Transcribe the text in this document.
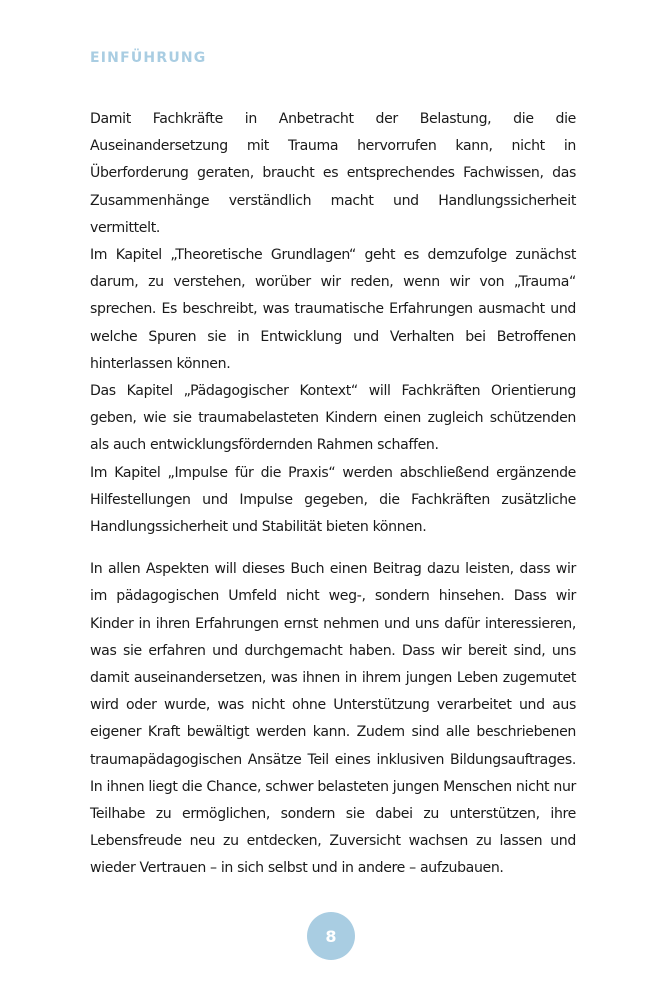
EINFÜHRUNG

Damit Fachkräfte in Anbetracht der Belastung, die die Auseinandersetzung mit Trauma hervorrufen kann, nicht in Überforderung geraten, braucht es entsprechendes Fachwissen, das Zusammenhänge verständlich macht und Handlungssicherheit vermittelt.

Im Kapitel „Theoretische Grundlagen“ geht es demzufolge zunächst darum, zu verstehen, worüber wir reden, wenn wir von „Trauma“ sprechen. Es beschreibt, was traumatische Erfahrungen ausmacht und welche Spuren sie in Entwicklung und Verhalten bei Betroffenen hinterlassen können.

Das Kapitel „Pädagogischer Kontext“ will Fachkräften Orientierung geben, wie sie traumabelasteten Kindern einen zugleich schützenden als auch entwicklungsfördernden Rahmen schaffen.

Im Kapitel „Impulse für die Praxis“ werden abschließend ergänzende Hilfestellungen und Impulse gegeben, die Fachkräften zusätzliche Handlungssicherheit und Stabilität bieten können.

In allen Aspekten will dieses Buch einen Beitrag dazu leisten, dass wir im pädagogischen Umfeld nicht weg-, sondern hinsehen. Dass wir Kinder in ihren Erfahrungen ernst nehmen und uns dafür interessieren, was sie erfahren und durchgemacht haben. Dass wir bereit sind, uns damit auseinandersetzen, was ihnen in ihrem jungen Leben zugemutet wird oder wurde, was nicht ohne Unterstützung verarbeitet und aus eigener Kraft bewältigt werden kann. Zudem sind alle beschriebenen traumapädagogischen Ansätze Teil eines inklusiven Bildungsauftrages. In ihnen liegt die Chance, schwer belasteten jungen Menschen nicht nur Teilhabe zu ermöglichen, sondern sie dabei zu unterstützen, ihre Lebensfreude neu zu entdecken, Zuversicht wachsen zu lassen und wieder Vertrauen – in sich selbst und in andere – aufzubauen.

8
